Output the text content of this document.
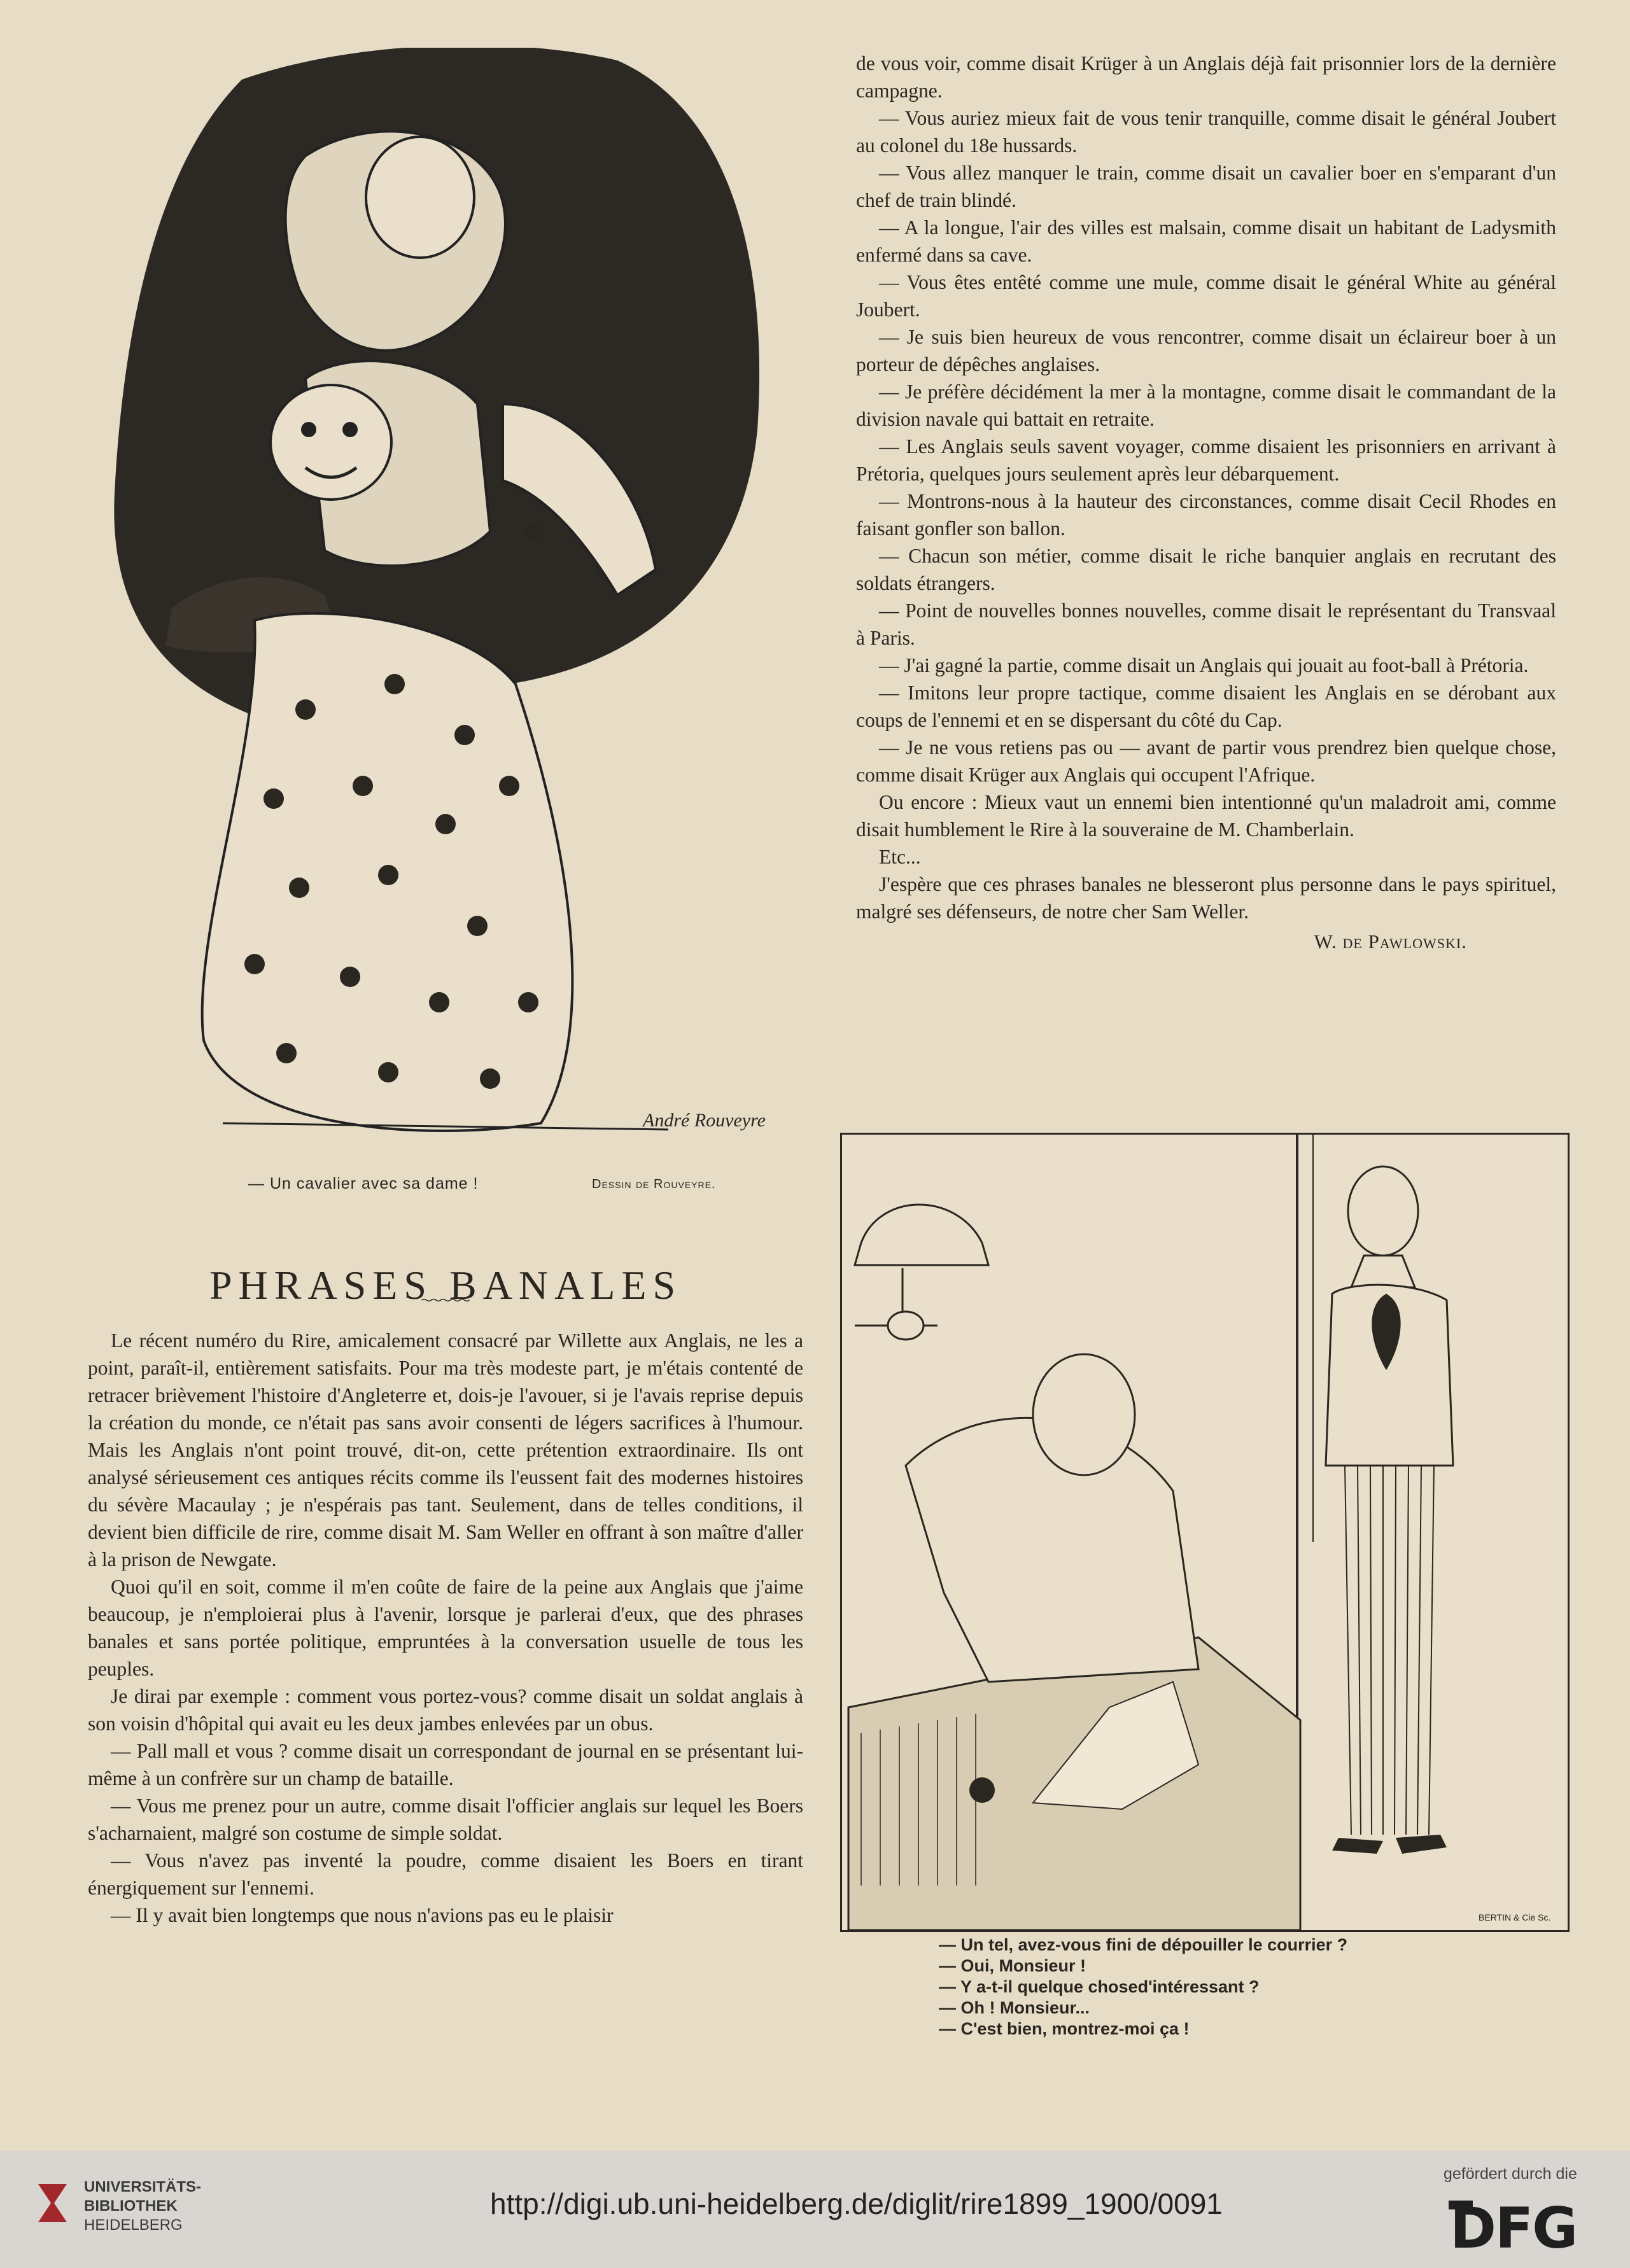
André Rouveyre
— Un cavalier avec sa dame !	Dessin de Rouveyre.
PHRASES BANALES

Le récent numéro du Rire, amicalement consacré par Willette aux Anglais, ne les a point, paraît-il, entièrement satisfaits. Pour ma très modeste part, je m'étais contenté de retracer brièvement l'histoire d'Angleterre et, dois-je l'avouer, si je l'avais reprise depuis la création du monde, ce n'était pas sans avoir consenti de légers sacrifices à l'humour. Mais les Anglais n'ont point trouvé, dit-on, cette prétention extraordinaire. Ils ont analysé sérieusement ces antiques récits comme ils l'eussent fait des modernes histoires du sévère Macaulay ; je n'espérais pas tant. Seulement, dans de telles conditions, il devient bien difficile de rire, comme disait M. Sam Weller en offrant à son maître d'aller à la prison de Newgate.

Quoi qu'il en soit, comme il m'en coûte de faire de la peine aux Anglais que j'aime beaucoup, je n'emploierai plus à l'avenir, lorsque je parlerai d'eux, que des phrases banales et sans portée politique, empruntées à la conversation usuelle de tous les peuples.

Je dirai par exemple : comment vous portez-vous? comme disait un soldat anglais à son voisin d'hôpital qui avait eu les deux jambes enlevées par un obus.

— Pall mall et vous ? comme disait un correspondant de journal en se présentant lui-même à un confrère sur un champ de bataille.

— Vous me prenez pour un autre, comme disait l'officier anglais sur lequel les Boers s'acharnaient, malgré son costume de simple soldat.

— Vous n'avez pas inventé la poudre, comme disaient les Boers en tirant énergiquement sur l'ennemi.

— Il y avait bien longtemps que nous n'avions pas eu le plaisir

de vous voir, comme disait Krüger à un Anglais déjà fait prisonnier lors de la dernière campagne.

— Vous auriez mieux fait de vous tenir tranquille, comme disait le général Joubert au colonel du 18e hussards.

— Vous allez manquer le train, comme disait un cavalier boer en s'emparant d'un chef de train blindé.

— A la longue, l'air des villes est malsain, comme disait un habitant de Ladysmith enfermé dans sa cave.

— Vous êtes entêté comme une mule, comme disait le général White au général Joubert.

— Je suis bien heureux de vous rencontrer, comme disait un éclaireur boer à un porteur de dépêches anglaises.

— Je préfère décidément la mer à la montagne, comme disait le commandant de la division navale qui battait en retraite.

— Les Anglais seuls savent voyager, comme disaient les prisonniers en arrivant à Prétoria, quelques jours seulement après leur débarquement.

— Montrons-nous à la hauteur des circonstances, comme disait Cecil Rhodes en faisant gonfler son ballon.

— Chacun son métier, comme disait le riche banquier anglais en recrutant des soldats étrangers.

— Point de nouvelles bonnes nouvelles, comme disait le représentant du Transvaal à Paris.

— J'ai gagné la partie, comme disait un Anglais qui jouait au foot-ball à Prétoria.

— Imitons leur propre tactique, comme disaient les Anglais en se dérobant aux coups de l'ennemi et en se dispersant du côté du Cap.

— Je ne vous retiens pas ou — avant de partir vous prendrez bien quelque chose, comme disait Krüger aux Anglais qui occupent l'Afrique.

Ou encore : Mieux vaut un ennemi bien intentionné qu'un maladroit ami, comme disait humblement le Rire à la souveraine de M. Chamberlain.

Etc...

J'espère que ces phrases banales ne blesseront plus personne dans le pays spirituel, malgré ses défenseurs, de notre cher Sam Weller.

W. de Pawlowski.
BERTIN & Cie Sc.
— Un tel, avez-vous fini de dépouiller le courrier ?
— Oui, Monsieur !
— Y a-t-il quelque chosed'intéressant ?
— Oh ! Monsieur...
— C'est bien, montrez-moi ça !
UNIVERSITÄTS-
BIBLIOTHEK
HEIDELBERG
http://digi.ub.uni-heidelberg.de/diglit/rire1899_1900/0091
gefördert durch die
DFG
